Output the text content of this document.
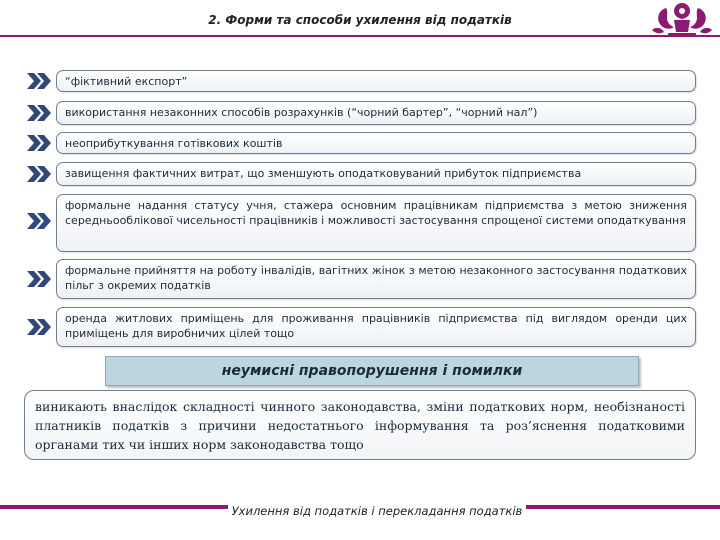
2. Форми та способи ухилення від податків
“фіктивний експорт”
використання незаконних способів розрахунків (“чорний бартер”, “чорний нал”)
неоприбуткування готівкових коштів
завищення фактичних витрат, що зменшують оподатковуваний прибуток підприємства
формальне надання статусу учня, стажера основним працівникам підприємства з метою зниження середньооблікової чисельності працівників і можливості застосування спрощеної системи оподаткування
формальне прийняття на роботу інвалідів, вагітних жінок з метою незаконного застосування податкових пільг з окремих податків
оренда житлових приміщень для проживання працівників підприємства під виглядом оренди цих приміщень для виробничих цілей тощо
неумисні правопорушення і помилки
виникають внаслідок складності чинного законодавства, зміни податкових норм, необізнаності платників податків з причини недостатнього інформування та роз’яснення податковими органами тих чи інших норм законодавства тощо
Ухилення від податків і перекладання податків
